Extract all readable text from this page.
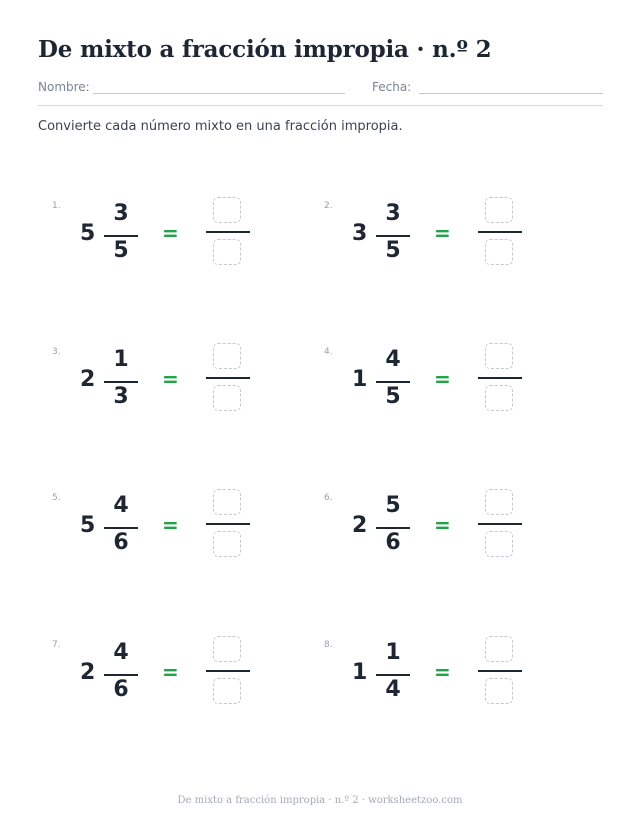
De mixto a fracción impropia · n.º 2
Nombre:	Fecha:
Convierte cada número mixto en una fracción impropia.
1.
5
3
5
=
2.
3
3
5
=
3.
2
1
3
=
4.
1
4
5
=
5.
5
4
6
=
6.
2
5
6
=
7.
2
4
6
=
8.
1
1
4
=
De mixto a fracción impropia · n.º 2 · worksheetzoo.com
